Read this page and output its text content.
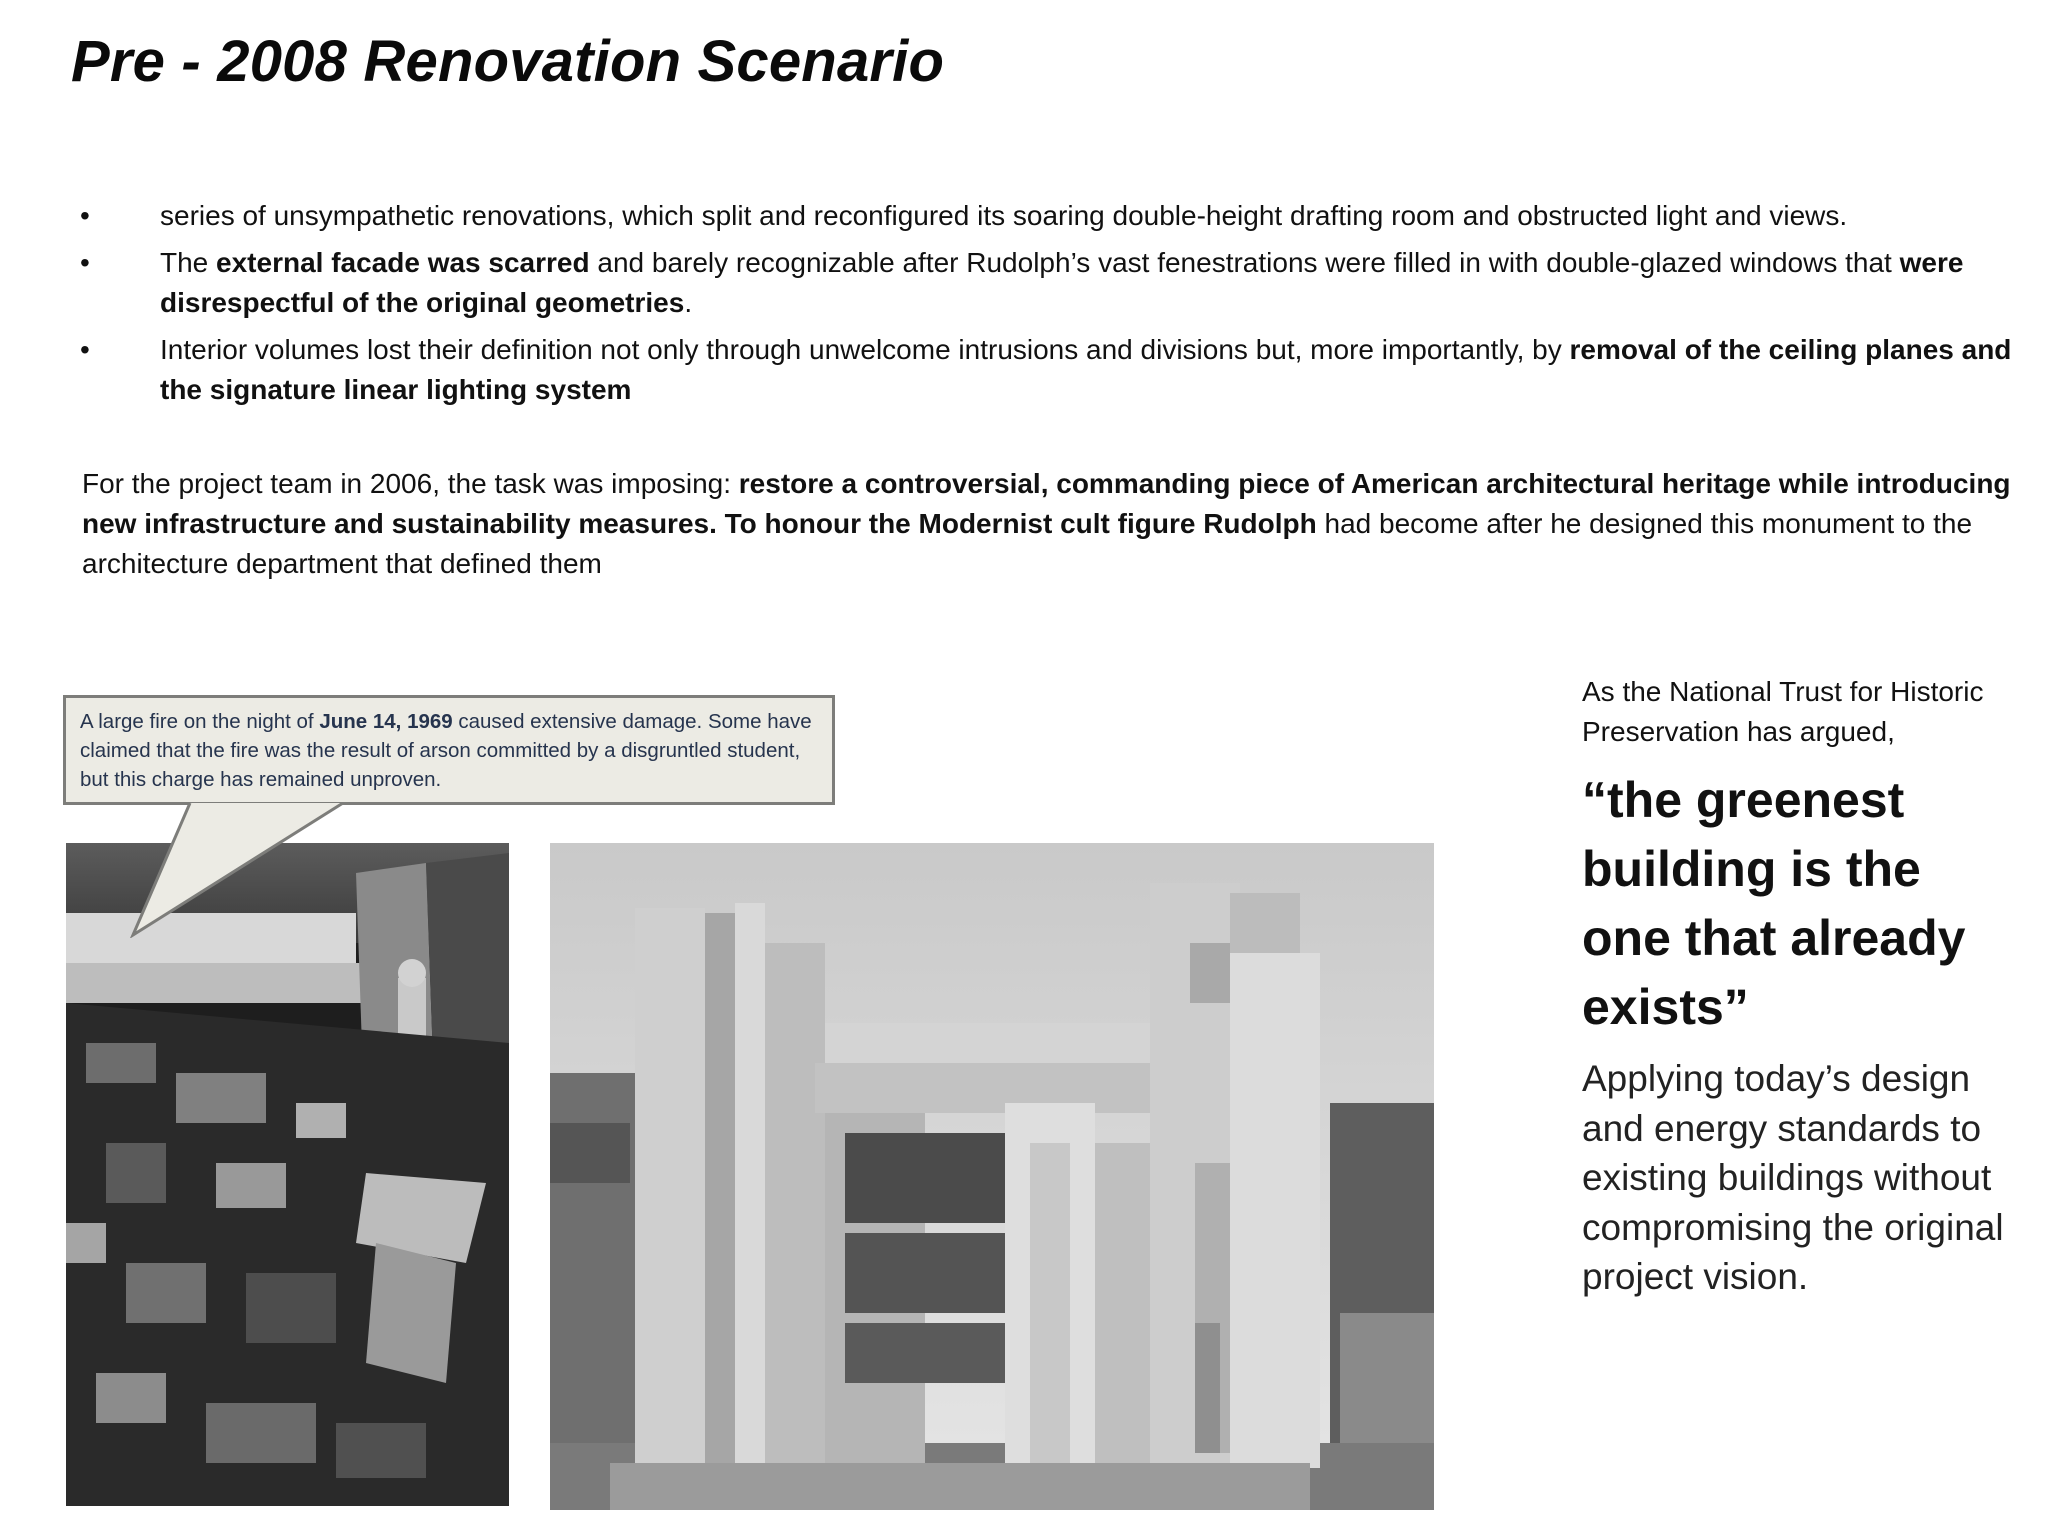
Pre - 2008 Renovation Scenario
•	series of unsympathetic renovations, which split and reconfigured its soaring double-height drafting room and obstructed light and views.
•	The external facade was scarred and barely recognizable after Rudolph’s vast fenestrations were filled in with double-glazed windows that were disrespectful of the original geometries.
•	Interior volumes lost their definition not only through unwelcome intrusions and divisions but, more importantly, by removal of the ceiling planes and the signature linear lighting system

For the project team in 2006, the task was imposing: restore a controversial, commanding piece of American architectural heritage while introducing new infrastructure and sustainability measures. To honour the Modernist cult figure Rudolph had become after he designed this monument to the architecture department that defined them

A large fire on the night of June 14, 1969 caused extensive damage. Some have claimed that the fire was the result of arson committed by a disgruntled student, but this charge has remained unproven.

As the National Trust for Historic Preservation has argued,

“the greenest building is the one that already exists”

Applying today’s design and energy standards to existing buildings without compromising the original project vision.
